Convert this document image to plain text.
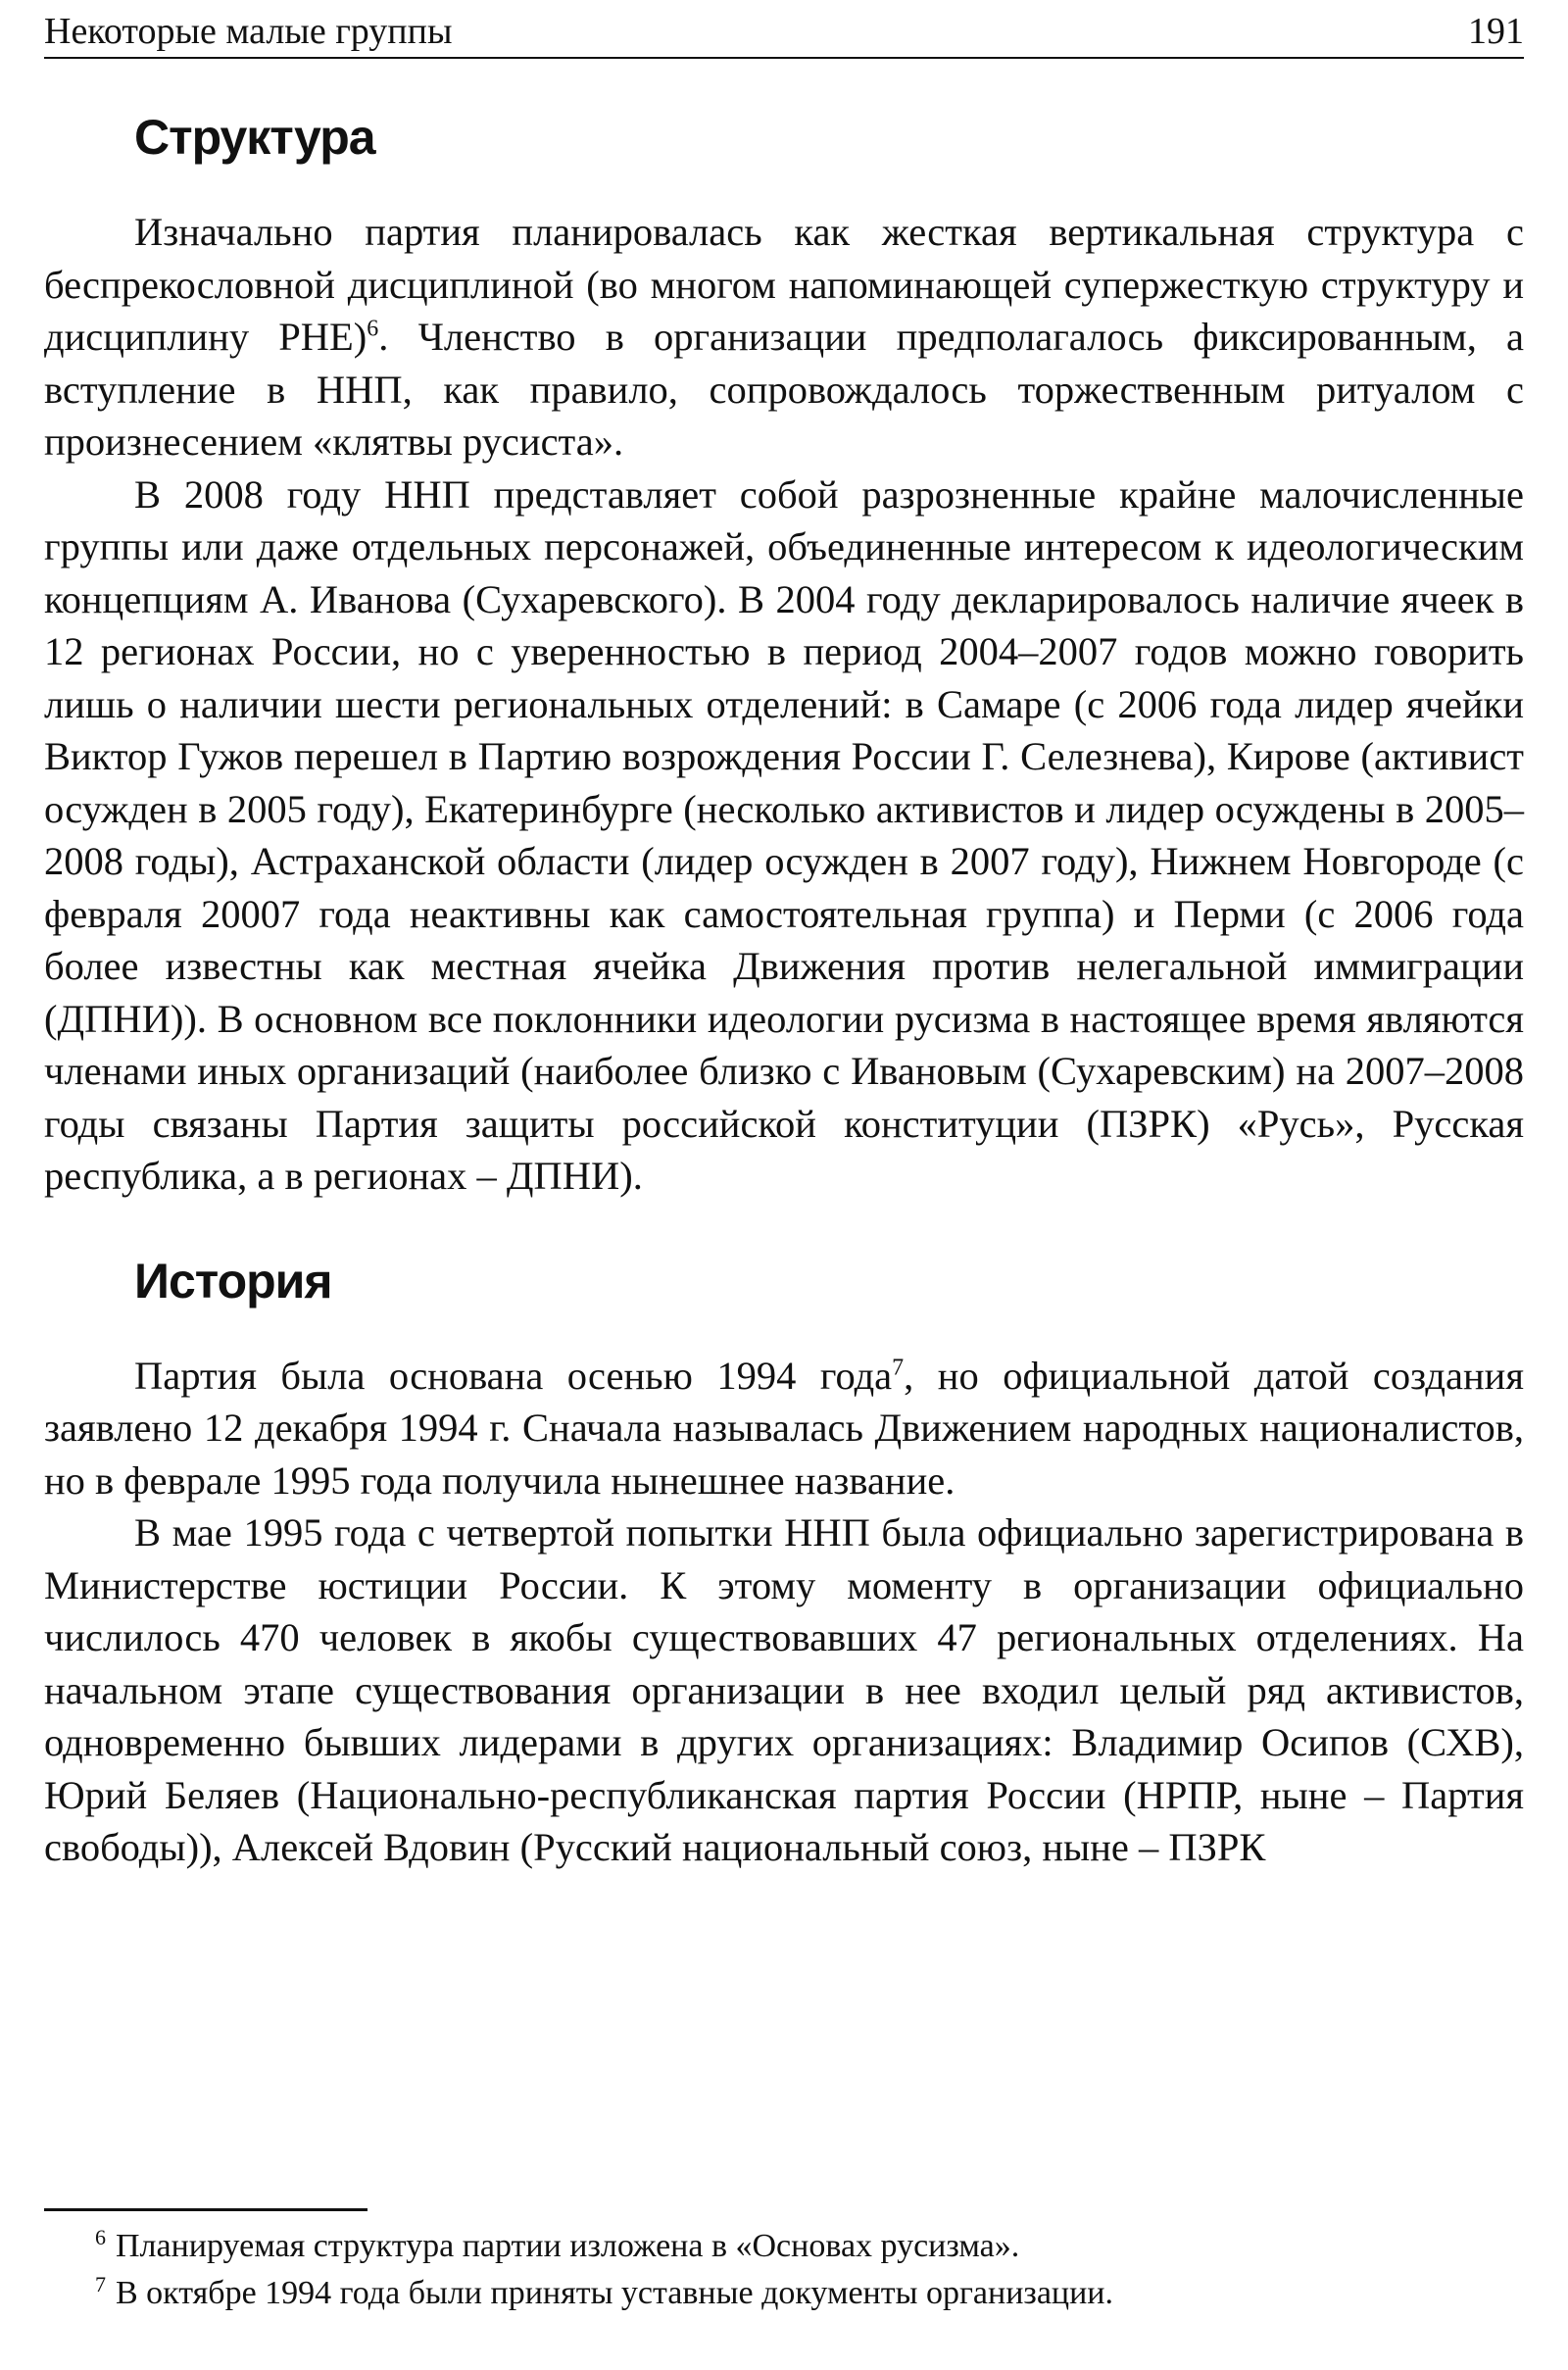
Некоторые малые группы	191
Структура

Изначально партия планировалась как жесткая вертикальная структура с беспрекословной дисциплиной (во многом напоминающей супержесткую структуру и дисциплину РНЕ)$^6$. Членство в организации предполагалось фиксированным, а вступление в ННП, как правило, сопровождалось торжественным ритуалом с произнесением «клятвы русиста».

В 2008 году ННП представляет собой разрозненные крайне малочисленные группы или даже отдельных персонажей, объединенные интересом к идеологическим концепциям А. Иванова (Сухаревского). В 2004 году декларировалось наличие ячеек в 12 регионах России, но с уверенностью в период 2004–2007 годов можно говорить лишь о наличии шести региональных отделений: в Самаре (с 2006 года лидер ячейки Виктор Гужов перешел в Партию возрождения России Г. Селезнева), Кирове (активист осужден в 2005 году), Екатеринбурге (несколько активистов и лидер осуждены в 2005–2008 годы), Астраханской области (лидер осужден в 2007 году), Нижнем Новгороде (с февраля 20007 года неактивны как самостоятельная группа) и Перми (с 2006 года более известны как местная ячейка Движения против нелегальной иммиграции (ДПНИ)). В основном все поклонники идеологии русизма в настоящее время являются членами иных организаций (наиболее близко с Ивановым (Сухаревским) на 2007–2008 годы связаны Партия защиты российской конституции (ПЗРК) «Русь», Русская республика, а в регионах – ДПНИ).

История

Партия была основана осенью 1994 года$^7$, но официальной датой создания заявлено 12 декабря 1994 г. Сначала называлась Движением народных националистов, но в феврале 1995 года получила нынешнее название.

В мае 1995 года с четвертой попытки ННП была официально зарегистрирована в Министерстве юстиции России. К этому моменту в организации официально числилось 470 человек в якобы существовавших 47 региональных отделениях. На начальном этапе существования организации в нее входил целый ряд активистов, одновременно бывших лидерами в других организациях: Владимир Осипов (СХВ), Юрий Беляев (Национально-республиканская партия России (НРПР, ныне – Партия свободы)), Алексей Вдовин (Русский национальный союз, ныне – ПЗРК

$^6$ Планируемая структура партии изложена в «Основах русизма».
$^7$ В октябре 1994 года были приняты уставные документы организации.
